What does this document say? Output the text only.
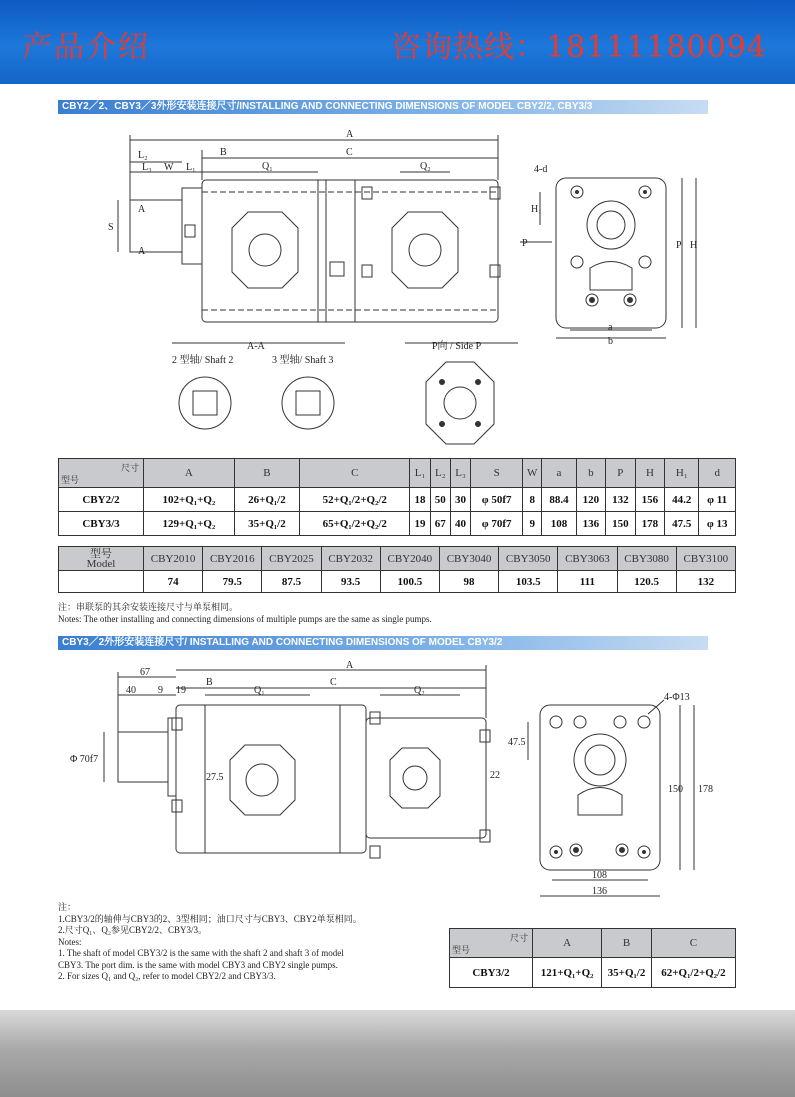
产品介绍	咨询热线：18111180094
CBY2／2、CBY3／3外形安装连接尺寸/INSTALLING AND CONNECTING DIMENSIONS OF MODEL CBY2/2, CBY3/3
A
L₂
L₃ W L₁
B	C
Q₁	Q₂
S
A
A
4-d
H₁
P	P H
a
b
A-A
2 型轴/ Shaft 2	3 型轴/ Shaft 3
P向 / Side P
尺寸
型号	A	B	C	L₁	L₂	L₃	S	W	a	b	P	H	H₁	d
CBY2/2	102+Q₁+Q₂	26+Q₁/2	52+Q₁/2+Q₂/2	18	50	30	φ 50f7	8	88.4	120	132	156	44.2	φ 11
CBY3/3	129+Q₁+Q₂	35+Q₁/2	65+Q₁/2+Q₂/2	19	67	40	φ 70f7	9	108	136	150	178	47.5	φ 13
型号
Model	CBY2010	CBY2016	CBY2025	CBY2032	CBY2040	CBY3040	CBY3050	CBY3063	CBY3080	CBY3100
	74	79.5	87.5	93.5	100.5	98	103.5	111	120.5	132
注：串联泵的其余安装连接尺寸与单泵相同。
Notes: The other installing and connecting dimensions of multiple pumps are the same as single pumps.
CBY3／2外形安装连接尺寸/ INSTALLING AND CONNECTING DIMENSIONS OF MODEL CBY3/2
67
40 9 19
A
B	C
Q₁	Q₂
Φ 70f7
27.5	22
4-Φ13
47.5
150 178
108
136
注：
1.CBY3/2的轴伸与CBY3的2、3型相同；油口尺寸与CBY3、CBY2单泵相同。
2.尺寸Q₁、Q₂参见CBY2/2、CBY3/3。
Notes:
1. The shaft of model CBY3/2 is the same with the shaft 2 and shaft 3 of model
CBY3. The port dim. is the same with model CBY3 and CBY2 single pumps.
2. For sizes Q₁ and Q₂, refer to model CBY2/2 and CBY3/3.
尺寸
型号	A	B	C
CBY3/2	121+Q₁+Q₂	35+Q₁/2	62+Q₁/2+Q₂/2
